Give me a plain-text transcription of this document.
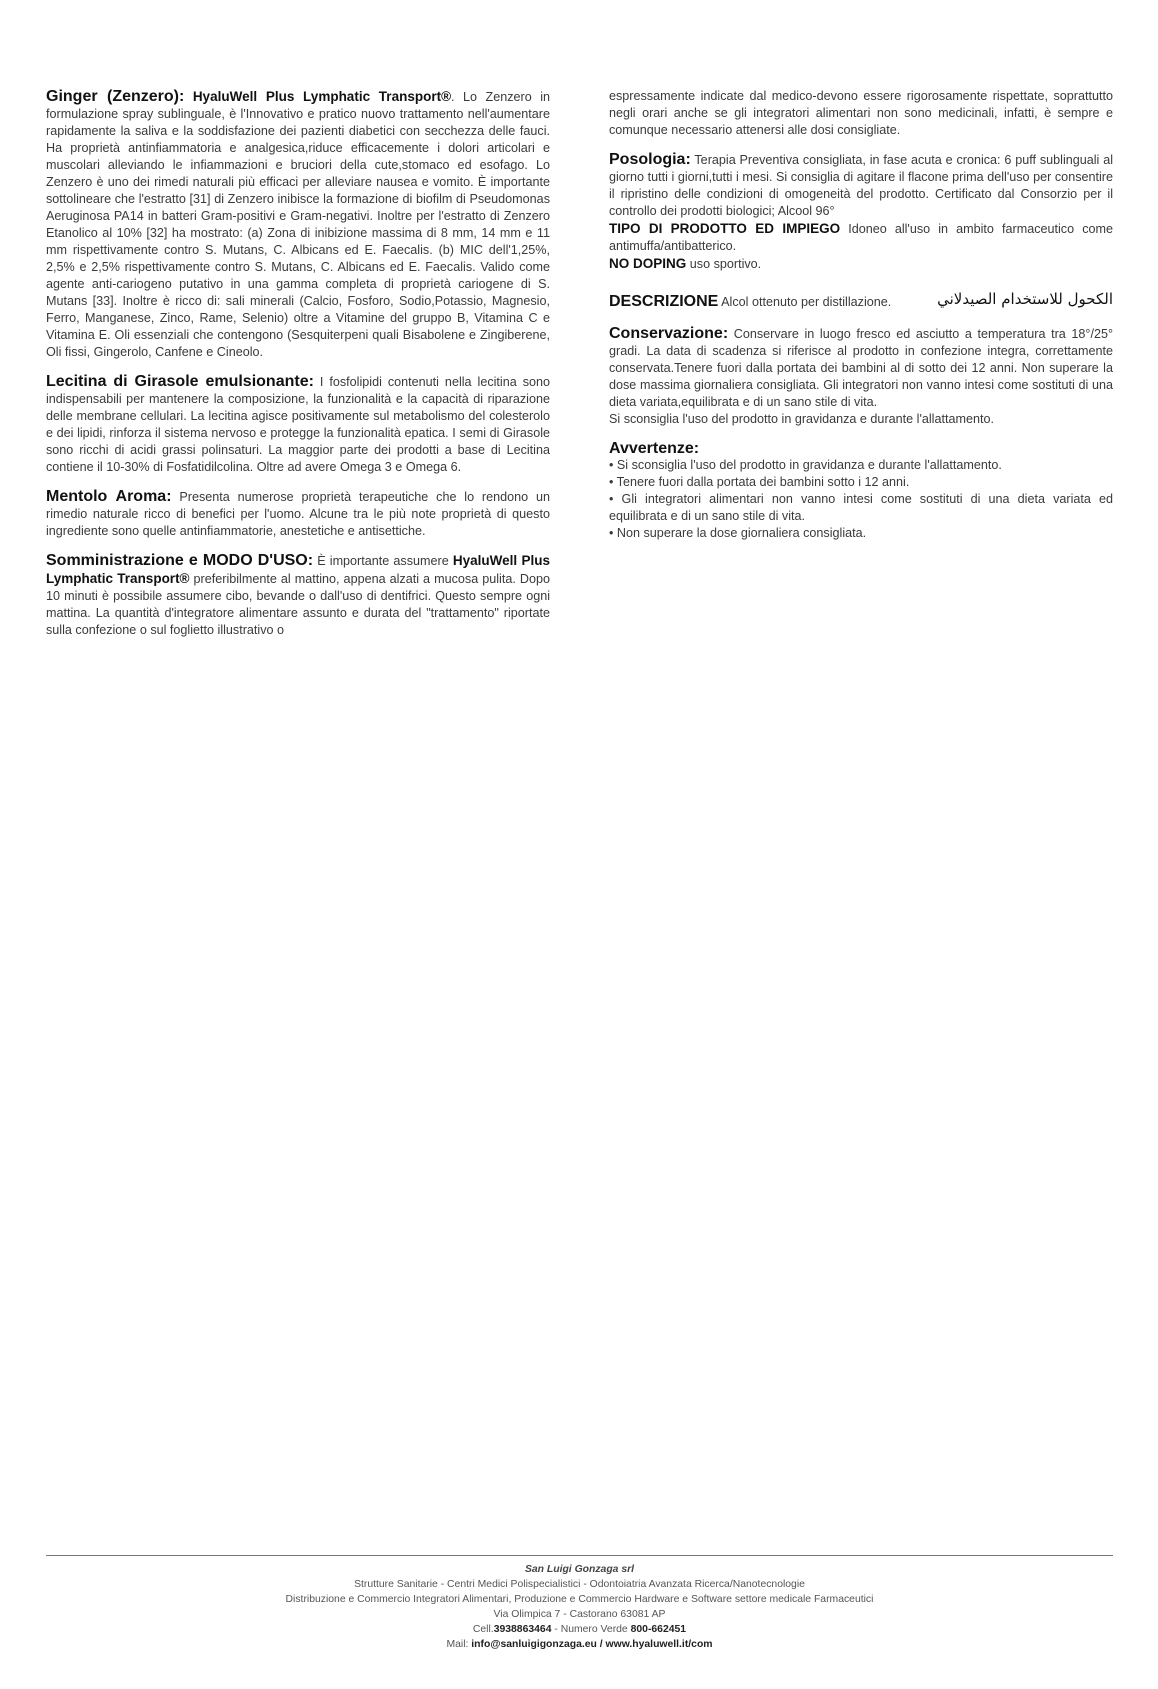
Ginger (Zenzero): HyaluWell Plus Lymphatic Transport®. Lo Zenzero in formulazione spray sublinguale, è l'Innovativo e pratico nuovo trattamento nell'aumentare rapidamente la saliva e la soddisfazione dei pazienti diabetici con secchezza delle fauci. Ha proprietà antinfiammatoria e analgesica,riduce efficacemente i dolori articolari e muscolari alleviando le infiammazioni e bruciori della cute,stomaco ed esofago. Lo Zenzero è uno dei rimedi naturali più efficaci per alleviare nausea e vomito. È importante sottolineare che l'estratto [31] di Zenzero inibisce la formazione di biofilm di Pseudomonas Aeruginosa PA14 in batteri Gram-positivi e Gram-negativi. Inoltre per l'estratto di Zenzero Etanolico al 10% [32] ha mostrato: (a) Zona di inibizione massima di 8 mm, 14 mm e 11 mm rispettivamente contro S. Mutans, C. Albicans ed E. Faecalis. (b) MIC dell'1,25%, 2,5% e 2,5% rispettivamente contro S. Mutans, C. Albicans ed E. Faecalis. Valido come agente anti-cariogeno putativo in una gamma completa di proprietà cariogene di S. Mutans [33]. Inoltre è ricco di: sali minerali (Calcio, Fosforo, Sodio,Potassio, Magnesio, Ferro, Manganese, Zinco, Rame, Selenio) oltre a Vitamine del gruppo B, Vitamina C e Vitamina E. Oli essenziali che contengono (Sesquiterpeni quali Bisabolene e Zingiberene, Oli fissi, Gingerolo, Canfene e Cineolo.

Lecitina di Girasole emulsionante: I fosfolipidi contenuti nella lecitina sono indispensabili per mantenere la composizione, la funzionalità e la capacità di riparazione delle membrane cellulari. La lecitina agisce positivamente sul metabolismo del colesterolo e dei lipidi, rinforza il sistema nervoso e protegge la funzionalità epatica. I semi di Girasole sono ricchi di acidi grassi polinsaturi. La maggior parte dei prodotti a base di Lecitina contiene il 10-30% di Fosfatidilcolina. Oltre ad avere Omega 3 e Omega 6.

Mentolo Aroma: Presenta numerose proprietà terapeutiche che lo rendono un rimedio naturale ricco di benefici per l'uomo. Alcune tra le più note proprietà di questo ingrediente sono quelle antinfiammatorie, anestetiche e antisettiche.

Somministrazione e MODO D'USO: È importante assumere HyaluWell Plus Lymphatic Transport® preferibilmente al mattino, appena alzati a mucosa pulita. Dopo 10 minuti è possibile assumere cibo, bevande o dall'uso di dentifrici. Questo sempre ogni mattina. La quantità d'integratore alimentare assunto e durata del "trattamento" riportate sulla confezione o sul foglietto illustrativo o

espressamente indicate dal medico-devono essere rigorosamente rispettate, soprattutto negli orari anche se gli integratori alimentari non sono medicinali, infatti, è sempre e comunque necessario attenersi alle dosi consigliate.

Posologia: Terapia Preventiva consigliata, in fase acuta e cronica: 6 puff sublinguali al giorno tutti i giorni,tutti i mesi. Si consiglia di agitare il flacone prima dell'uso per consentire il ripristino delle condizioni di omogeneità del prodotto. Certificato dal Consorzio per il controllo dei prodotti biologici; Alcool 96°

TIPO DI PRODOTTO ED IMPIEGO Idoneo all'uso in ambito farmaceutico come antimuffa/antibatterico.

NO DOPING uso sportivo.

DESCRIZIONE Alcol ottenuto per distillazione.	الكحول للاستخدام الصيدلاني

Conservazione: Conservare in luogo fresco ed asciutto a temperatura tra 18°/25° gradi. La data di scadenza si riferisce al prodotto in confezione integra, correttamente conservata.Tenere fuori dalla portata dei bambini al di sotto dei 12 anni. Non superare la dose massima giornaliera consigliata. Gli integratori non vanno intesi come sostituti di una dieta variata,equilibrata e di un sano stile di vita.

Si sconsiglia l'uso del prodotto in gravidanza e durante l'allattamento.

Avvertenze:

• Si sconsiglia l'uso del prodotto in gravidanza e durante l'allattamento.
• Tenere fuori dalla portata dei bambini sotto i 12 anni.
• Gli integratori alimentari non vanno intesi come sostituti di una dieta variata ed equilibrata e di un sano stile di vita.
• Non superare la dose giornaliera consigliata.
San Luigi Gonzaga srl
Strutture Sanitarie - Centri Medici Polispecialistici - Odontoiatria Avanzata Ricerca/Nanotecnologie
Distribuzione e Commercio Integratori Alimentari, Produzione e Commercio Hardware e Software settore medicale Farmaceutici
Via Olimpica 7 - Castorano 63081 AP
Cell.3938863464 - Numero Verde 800-662451
Mail: info@sanluigigonzaga.eu / www.hyaluwell.it/com
